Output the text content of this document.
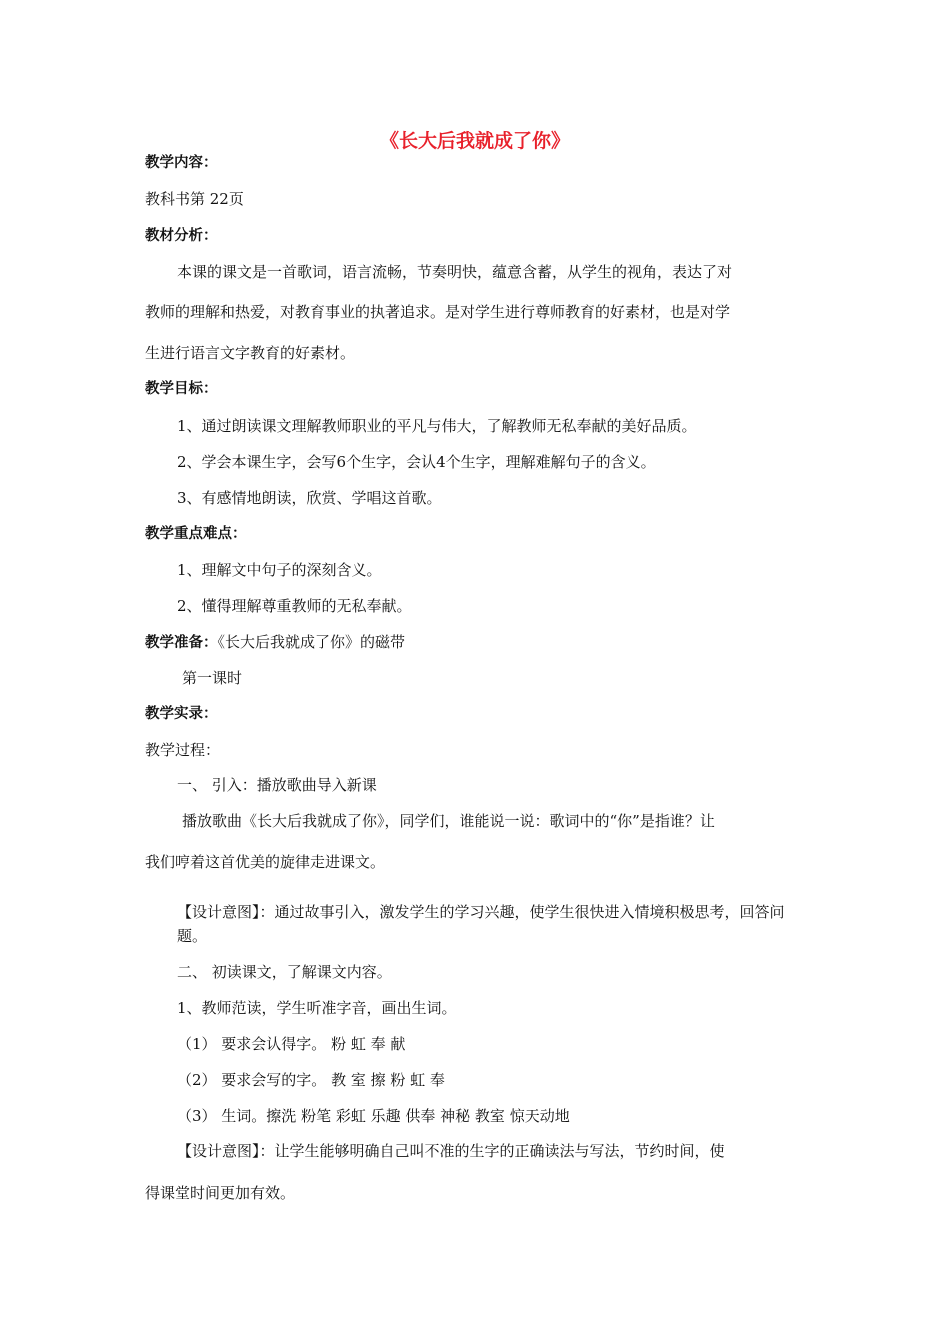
《长大后我就成了你》
教学内容：
教科书第 22页
教材分析：
本课的课文是一首歌词，语言流畅，节奏明快，蕴意含蓄，从学生的视角，表达了对
教师的理解和热爱，对教育事业的执著追求。是对学生进行尊师教育的好素材，也是对学
生进行语言文字教育的好素材。
教学目标：
1、通过朗读课文理解教师职业的平凡与伟大，了解教师无私奉献的美好品质。
2、学会本课生字，会写6个生字，会认4个生字，理解难解句子的含义。
3、有感情地朗读，欣赏、学唱这首歌。
教学重点难点：
1、理解文中句子的深刻含义。
2、懂得理解尊重教师的无私奉献。
教学准备：《长大后我就成了你》的磁带
第一课时
教学实录：
教学过程：
一、 引入：播放歌曲导入新课
播放歌曲《长大后我就成了你》，同学们，谁能说一说：歌词中的“你”是指谁？让
我们哼着这首优美的旋律走进课文。
【设计意图】：通过故事引入，激发学生的学习兴趣，使学生很快进入情境积极思考，回答问题。
二、 初读课文，了解课文内容。
1、教师范读，学生听准字音，画出生词。
（1） 要求会认得字。 粉 虹 奉 献
（2） 要求会写的字。 教 室 擦 粉 虹 奉
（3） 生词。擦洗 粉笔 彩虹 乐趣 供奉 神秘 教室 惊天动地
【设计意图】：让学生能够明确自己叫不准的生字的正确读法与写法，节约时间，使
得课堂时间更加有效。
